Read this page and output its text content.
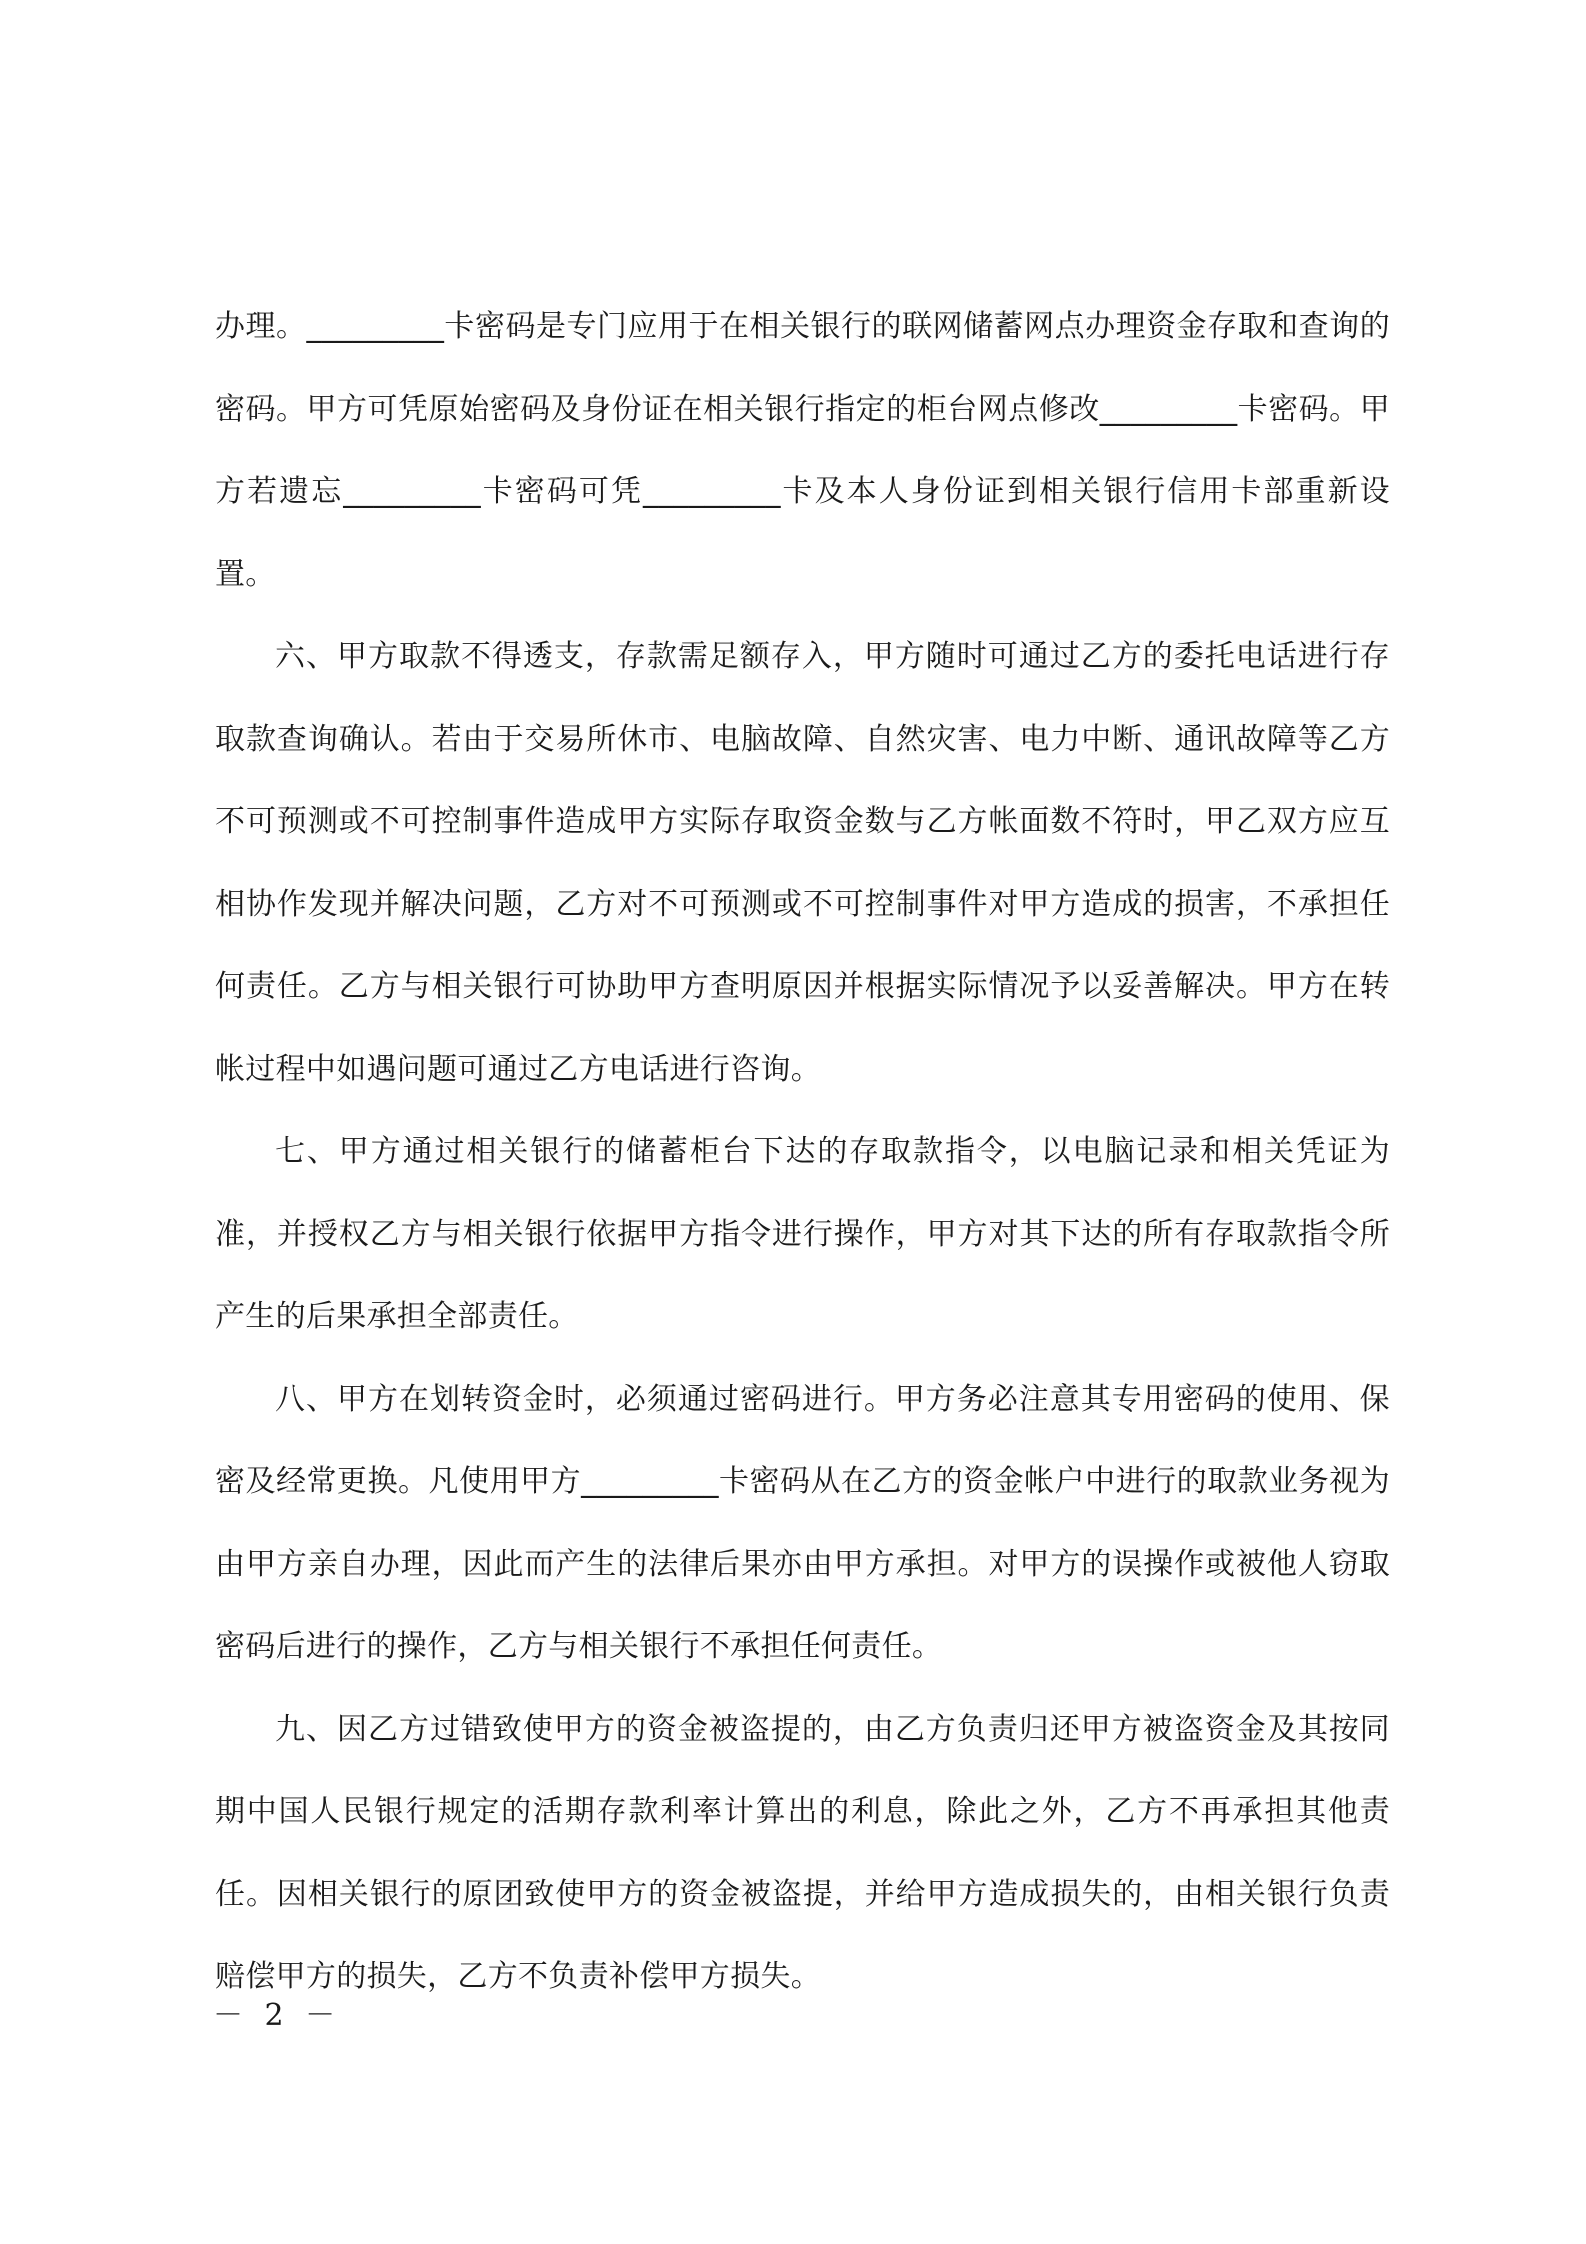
办理。_________卡密码是专门应用于在相关银行的联网储蓄网点办理资金存取和查询的密码。甲方可凭原始密码及身份证在相关银行指定的柜台网点修改_________卡密码。甲方若遗忘_________卡密码可凭_________卡及本人身份证到相关银行信用卡部重新设置。

六、甲方取款不得透支，存款需足额存入，甲方随时可通过乙方的委托电话进行存取款查询确认。若由于交易所休市、电脑故障、自然灾害、电力中断、通讯故障等乙方不可预测或不可控制事件造成甲方实际存取资金数与乙方帐面数不符时，甲乙双方应互相协作发现并解决问题，乙方对不可预测或不可控制事件对甲方造成的损害，不承担任何责任。乙方与相关银行可协助甲方查明原因并根据实际情况予以妥善解决。甲方在转帐过程中如遇问题可通过乙方电话进行咨询。

七、甲方通过相关银行的储蓄柜台下达的存取款指令，以电脑记录和相关凭证为准，并授权乙方与相关银行依据甲方指令进行操作，甲方对其下达的所有存取款指令所产生的后果承担全部责任。

八、甲方在划转资金时，必须通过密码进行。甲方务必注意其专用密码的使用、保密及经常更换。凡使用甲方_________卡密码从在乙方的资金帐户中进行的取款业务视为由甲方亲自办理，因此而产生的法律后果亦由甲方承担。对甲方的误操作或被他人窃取密码后进行的操作，乙方与相关银行不承担任何责任。

九、因乙方过错致使甲方的资金被盗提的，由乙方负责归还甲方被盗资金及其按同期中国人民银行规定的活期存款利率计算出的利息，除此之外，乙方不再承担其他责任。因相关银行的原团致使甲方的资金被盗提，并给甲方造成损失的，由相关银行负责赔偿甲方的损失，乙方不负责补偿甲方损失。

－ 2 －
